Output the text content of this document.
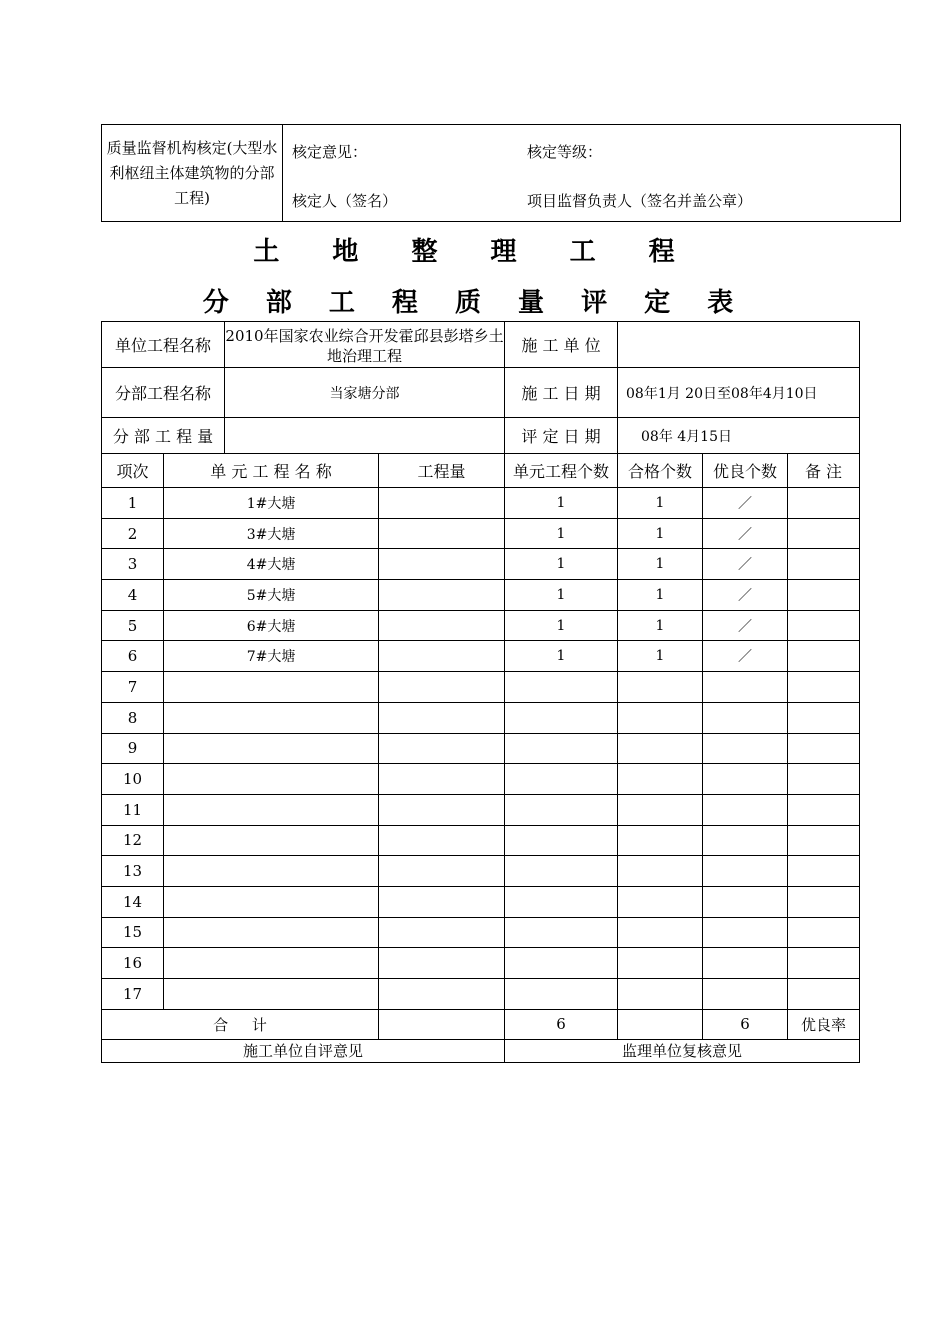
质量监督机构核定(大型水利枢纽主体建筑物的分部工程)	
核定意见：	核定等级：
核定人（签名）	项目监督负责人（签名并盖公章）
土 地 整 理 工 程
分 部 工 程 质 量 评 定 表
单位工程名称		2010年国家农业综合开发霍邱县彭塔乡土地治理工程		施 工 单 位			
分部工程名称		当家塘分部		施 工 日 期	08年1月 20日至08年4月10日		
分 部 工 程 量				评 定 日 期	08年 4月15日		
项次	单 元 工 程 名 称		工程量	单元工程个数	合格个数	优良个数	备 注
1	1#大塘			1	1	／	
2	3#大塘			1	1	／	
3	4#大塘			1	1	／	
4	5#大塘			1	1	／	
5	6#大塘			1	1	／	
6	7#大塘			1	1	／	
7							
8							
9							
10							
11							
12							
13							
14							
15							
16							
17							
合     计				6		6	优良率
施工单位自评意见				监理单位复核意见			
